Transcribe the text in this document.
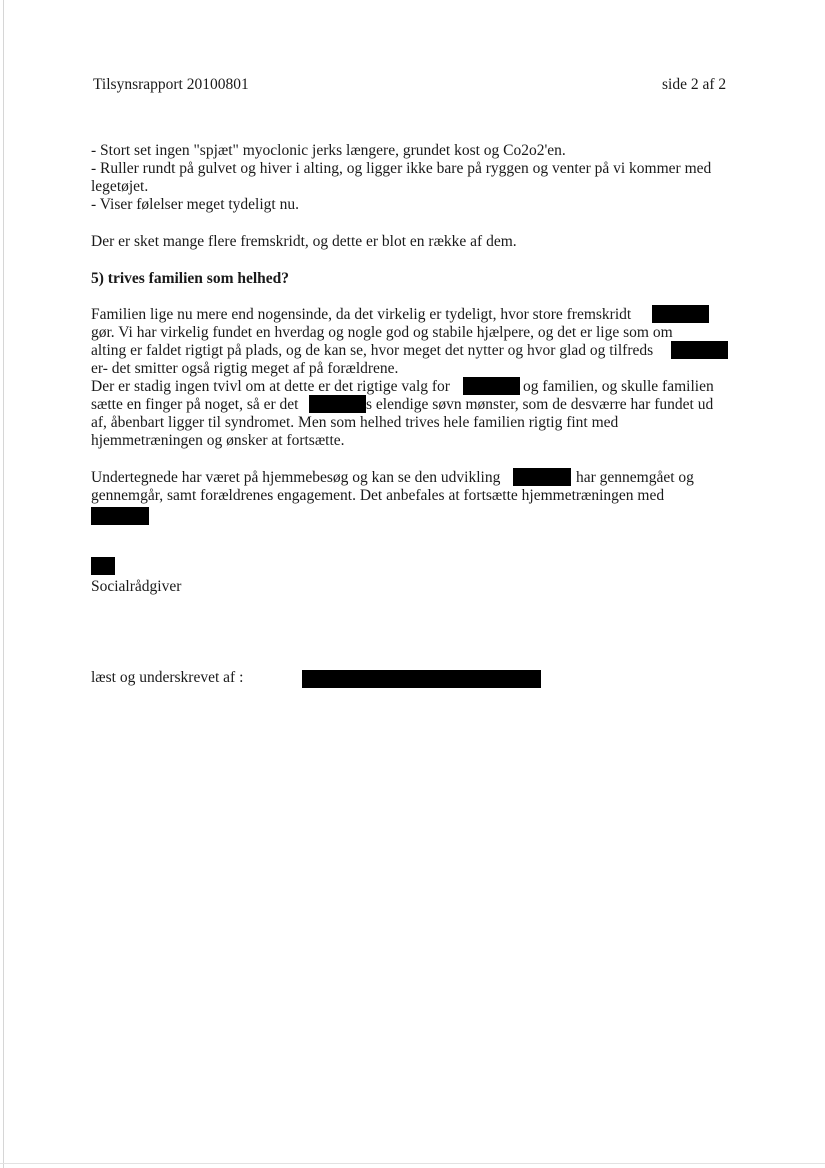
Tilsynsrapport 20100801	side 2 af 2
- Stort set ingen "spjæt" myoclonic jerks længere, grundet kost og Co2o2'en.
- Ruller rundt på gulvet og hiver i alting, og ligger ikke bare på ryggen og venter på vi kommer med
legetøjet.
- Viser følelser meget tydeligt nu.
Der er sket mange flere fremskridt, og dette er blot en række af dem.
5) trives familien som helhed?
Familien lige nu mere end nogensinde, da det virkelig er tydeligt, hvor store fremskridt
gør. Vi har virkelig fundet en hverdag og nogle god og stabile hjælpere, og det er lige som om
alting er faldet rigtigt på plads, og de kan se, hvor meget det nytter og hvor glad og tilfreds
er- det smitter også rigtig meget af på forældrene.
Der er stadig ingen tvivl om at dette er det rigtige valg for	og familien, og skulle familien
sætte en finger på noget, så er det	s elendige søvn mønster, som de desværre har fundet ud
af, åbenbart ligger til syndromet. Men som helhed trives hele familien rigtig fint med
hjemmetræningen og ønsker at fortsætte.
Undertegnede har været på hjemmebesøg og kan se den udvikling	har gennemgået og
gennemgår, samt forældrenes engagement. Det anbefales at fortsætte hjemmetræningen med
Socialrådgiver
læst og underskrevet af :
